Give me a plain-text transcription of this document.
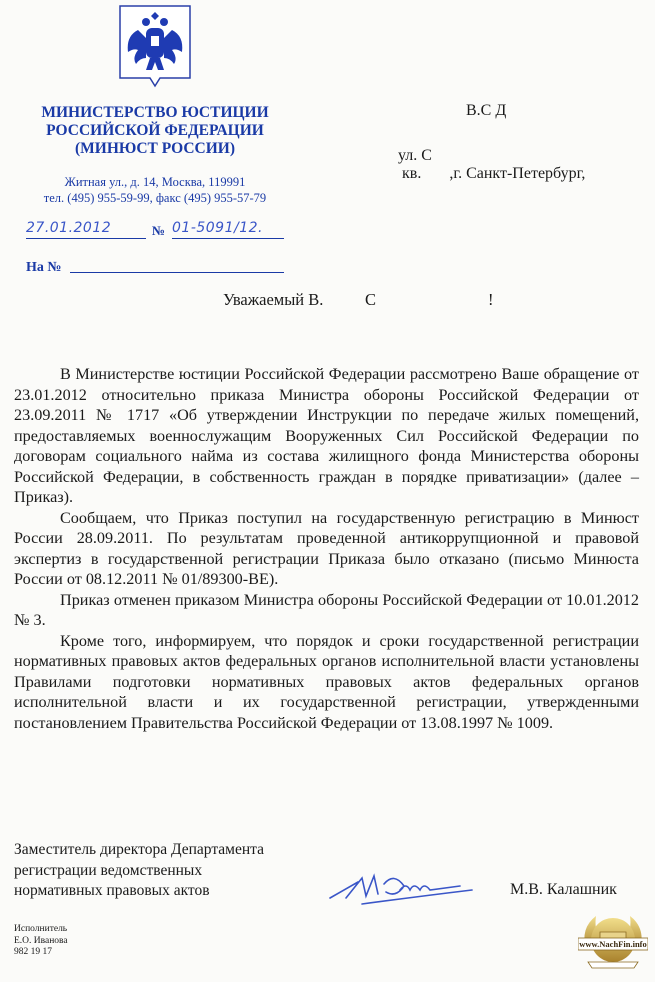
МИНИСТЕРСТВО ЮСТИЦИИ
РОССИЙСКОЙ ФЕДЕРАЦИИ
(МИНЮСТ РОССИИ)
Житная ул., д. 14, Москва, 119991
тел. (495) 955-59-99, факс (495) 955-57-79
27.01.2012	№ 01-5091/12.
На №
В.С Д
ул. С
кв.       ,г. Санкт-Петербург,
Уважаемый В.	С	!

В Министерстве юстиции Российской Федерации рассмотрено Ваше обращение от 23.01.2012 относительно приказа Министра обороны Российской Федерации от 23.09.2011 № 1717 «Об утверждении Инструкции по передаче жилых помещений, предоставляемых военнослужащим Вооруженных Сил Российской Федерации по договорам социального найма из состава жилищного фонда Министерства обороны Российской Федерации, в собственность граждан в порядке приватизации» (далее – Приказ).

Сообщаем, что Приказ поступил на государственную регистрацию в Минюст России 28.09.2011. По результатам проведенной антикоррупционной и правовой экспертиз в государственной регистрации Приказа было отказано (письмо Минюста России от 08.12.2011 № 01/89300-ВЕ).

Приказ отменен приказом Министра обороны Российской Федерации от 10.01.2012 № 3.

Кроме того, информируем, что порядок и сроки государственной регистрации нормативных правовых актов федеральных органов исполнительной власти установлены Правилами подготовки нормативных правовых актов федеральных органов исполнительной власти и их государственной регистрации, утвержденными постановлением Правительства Российской Федерации от 13.08.1997 № 1009.

Заместитель директора Департамента
регистрации ведомственных
нормативных правовых актов	М.В. Калашник
Исполнитель
Е.О. Иванова
982 19 17
www.NachFin.info
